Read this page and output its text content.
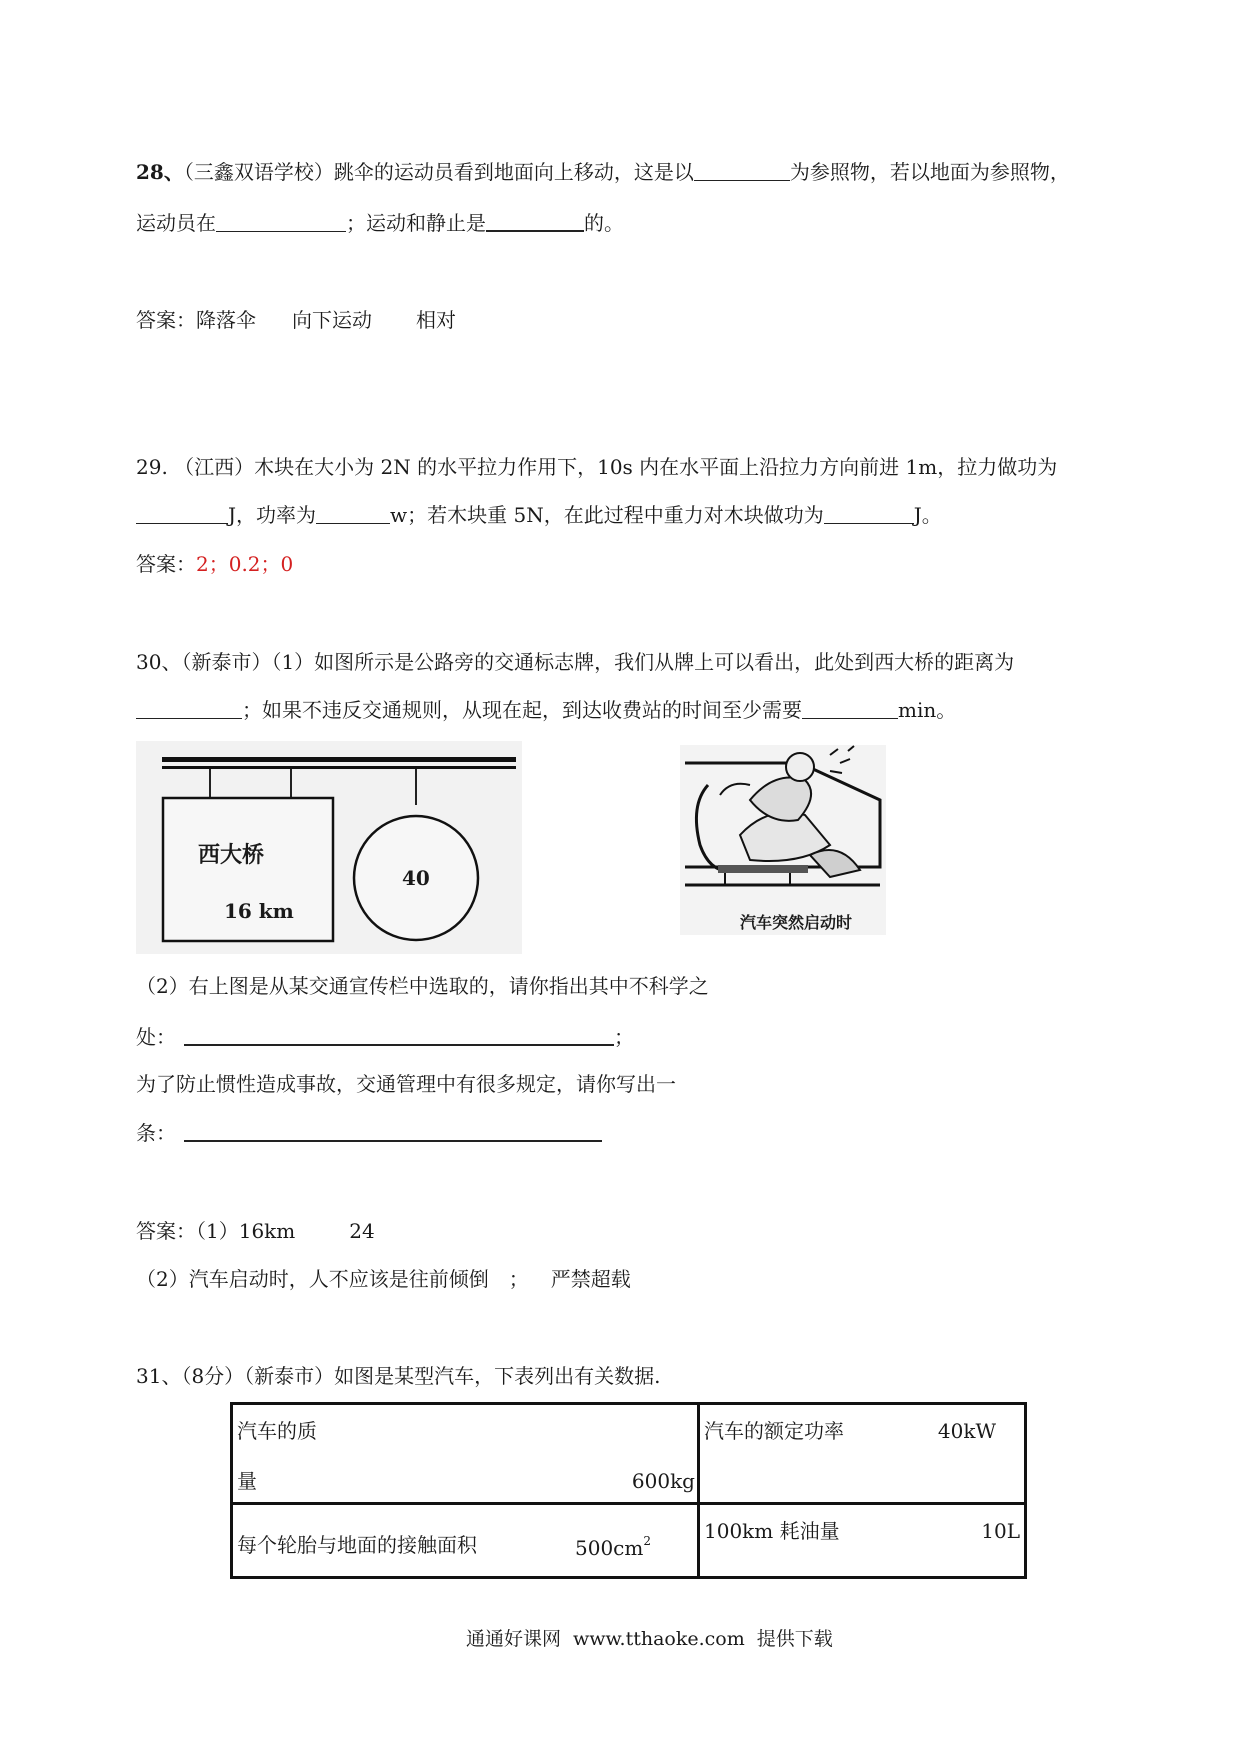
28、（三鑫双语学校）跳伞的运动员看到地面向上移动，这是以	为参照物，若以地面为参照物，
运动员在	；运动和静止是	的。
答案：降落伞 向下运动 相对
29. （江西）木块在大小为 2N 的水平拉力作用下，10s 内在水平面上沿拉力方向前进 1m，拉力做功为
J，功率为	w；若木块重 5N，在此过程中重力对木块做功为	J。
答案：2；0.2；0
30、（新泰市）（1）如图所示是公路旁的交通标志牌，我们从牌上可以看出，此处到西大桥的距离为
；如果不违反交通规则，从现在起，到达收费站的时间至少需要	min。
西大桥
16 km
40
汽车突然启动时
（2）右上图是从某交通宣传栏中选取的，请你指出其中不科学之
处：	；
为了防止惯性造成事故，交通管理中有很多规定，请你写出一
条：
答案：（1）16km	24
（2）汽车启动时，人不应该是往前倾倒 ； 严禁超载
31、（8分）（新泰市）如图是某型汽车，下表列出有关数据.
汽车的质
量 600kg	汽车的额定功率 40kW

每个轮胎与地面的接触面积 $500cm^2$	100km 耗油量 10L
通通好课网 www.tthaoke.com 提供下载
